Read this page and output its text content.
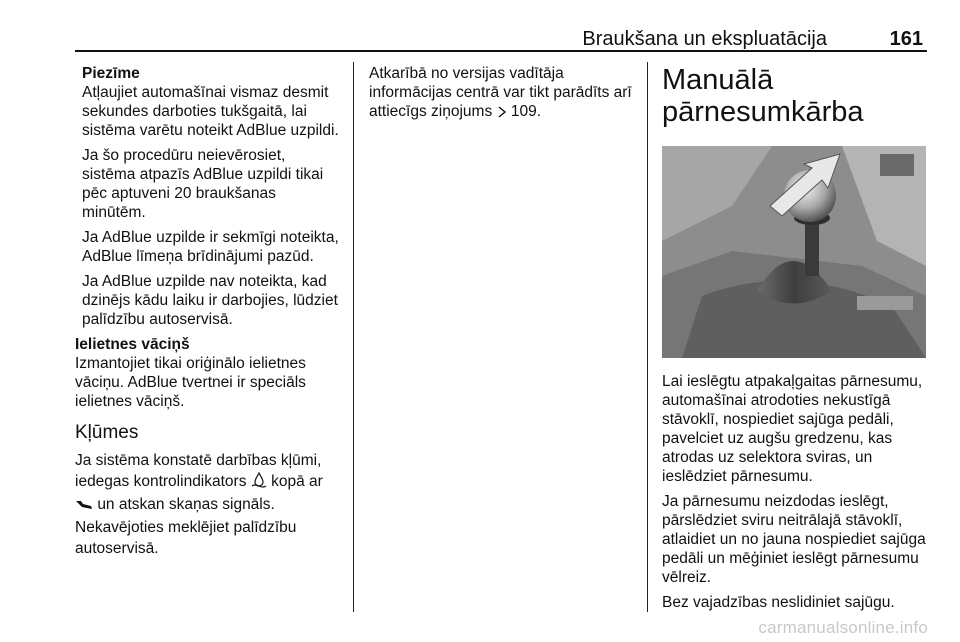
Braukšana un ekspluatācija	161
Piezīme

Atļaujiet automašīnai vismaz desmit sekundes darboties tukšgaitā, lai sistēma varētu noteikt AdBlue uzpildi.

Ja šo procedūru neievērosiet, sistēma atpazīs AdBlue uzpildi tikai pēc aptuveni 20 braukšanas minūtēm.

Ja AdBlue uzpilde ir sekmīgi noteikta, AdBlue līmeņa brīdinājumi pazūd.

Ja AdBlue uzpilde nav noteikta, kad dzinējs kādu laiku ir darbojies, lūdziet palīdzību autoservisā.

Ielietnes vāciņš

Izmantojiet tikai oriģinālo ielietnes vāciņu. AdBlue tvertnei ir speciāls ielietnes vāciņš.

Kļūmes

Ja sistēma konstatē darbības kļūmi, iedegas kontrolindikators kopā ar
un atskan skaņas signāls.
Nekavējoties meklējiet palīdzību autoservisā.

Atkarībā no versijas vadītāja informācijas centrā var tikt parādīts arī attiecīgs ziņojums 109.

Manuālā pārnesumkārba

Lai ieslēgtu atpakaļgaitas pārnesumu, automašīnai atrodoties nekustīgā stāvoklī, nospiediet sajūga pedāli, pavelciet uz augšu gredzenu, kas atrodas uz selektora sviras, un ieslēdziet pārnesumu.

Ja pārnesumu neizdodas ieslēgt, pārslēdziet sviru neitrālajā stāvoklī, atlaidiet un no jauna nospiediet sajūga pedāli un mēģiniet ieslēgt pārnesumu vēlreiz.

Bez vajadzības neslidiniet sajūgu.

carmanualsonline.info
